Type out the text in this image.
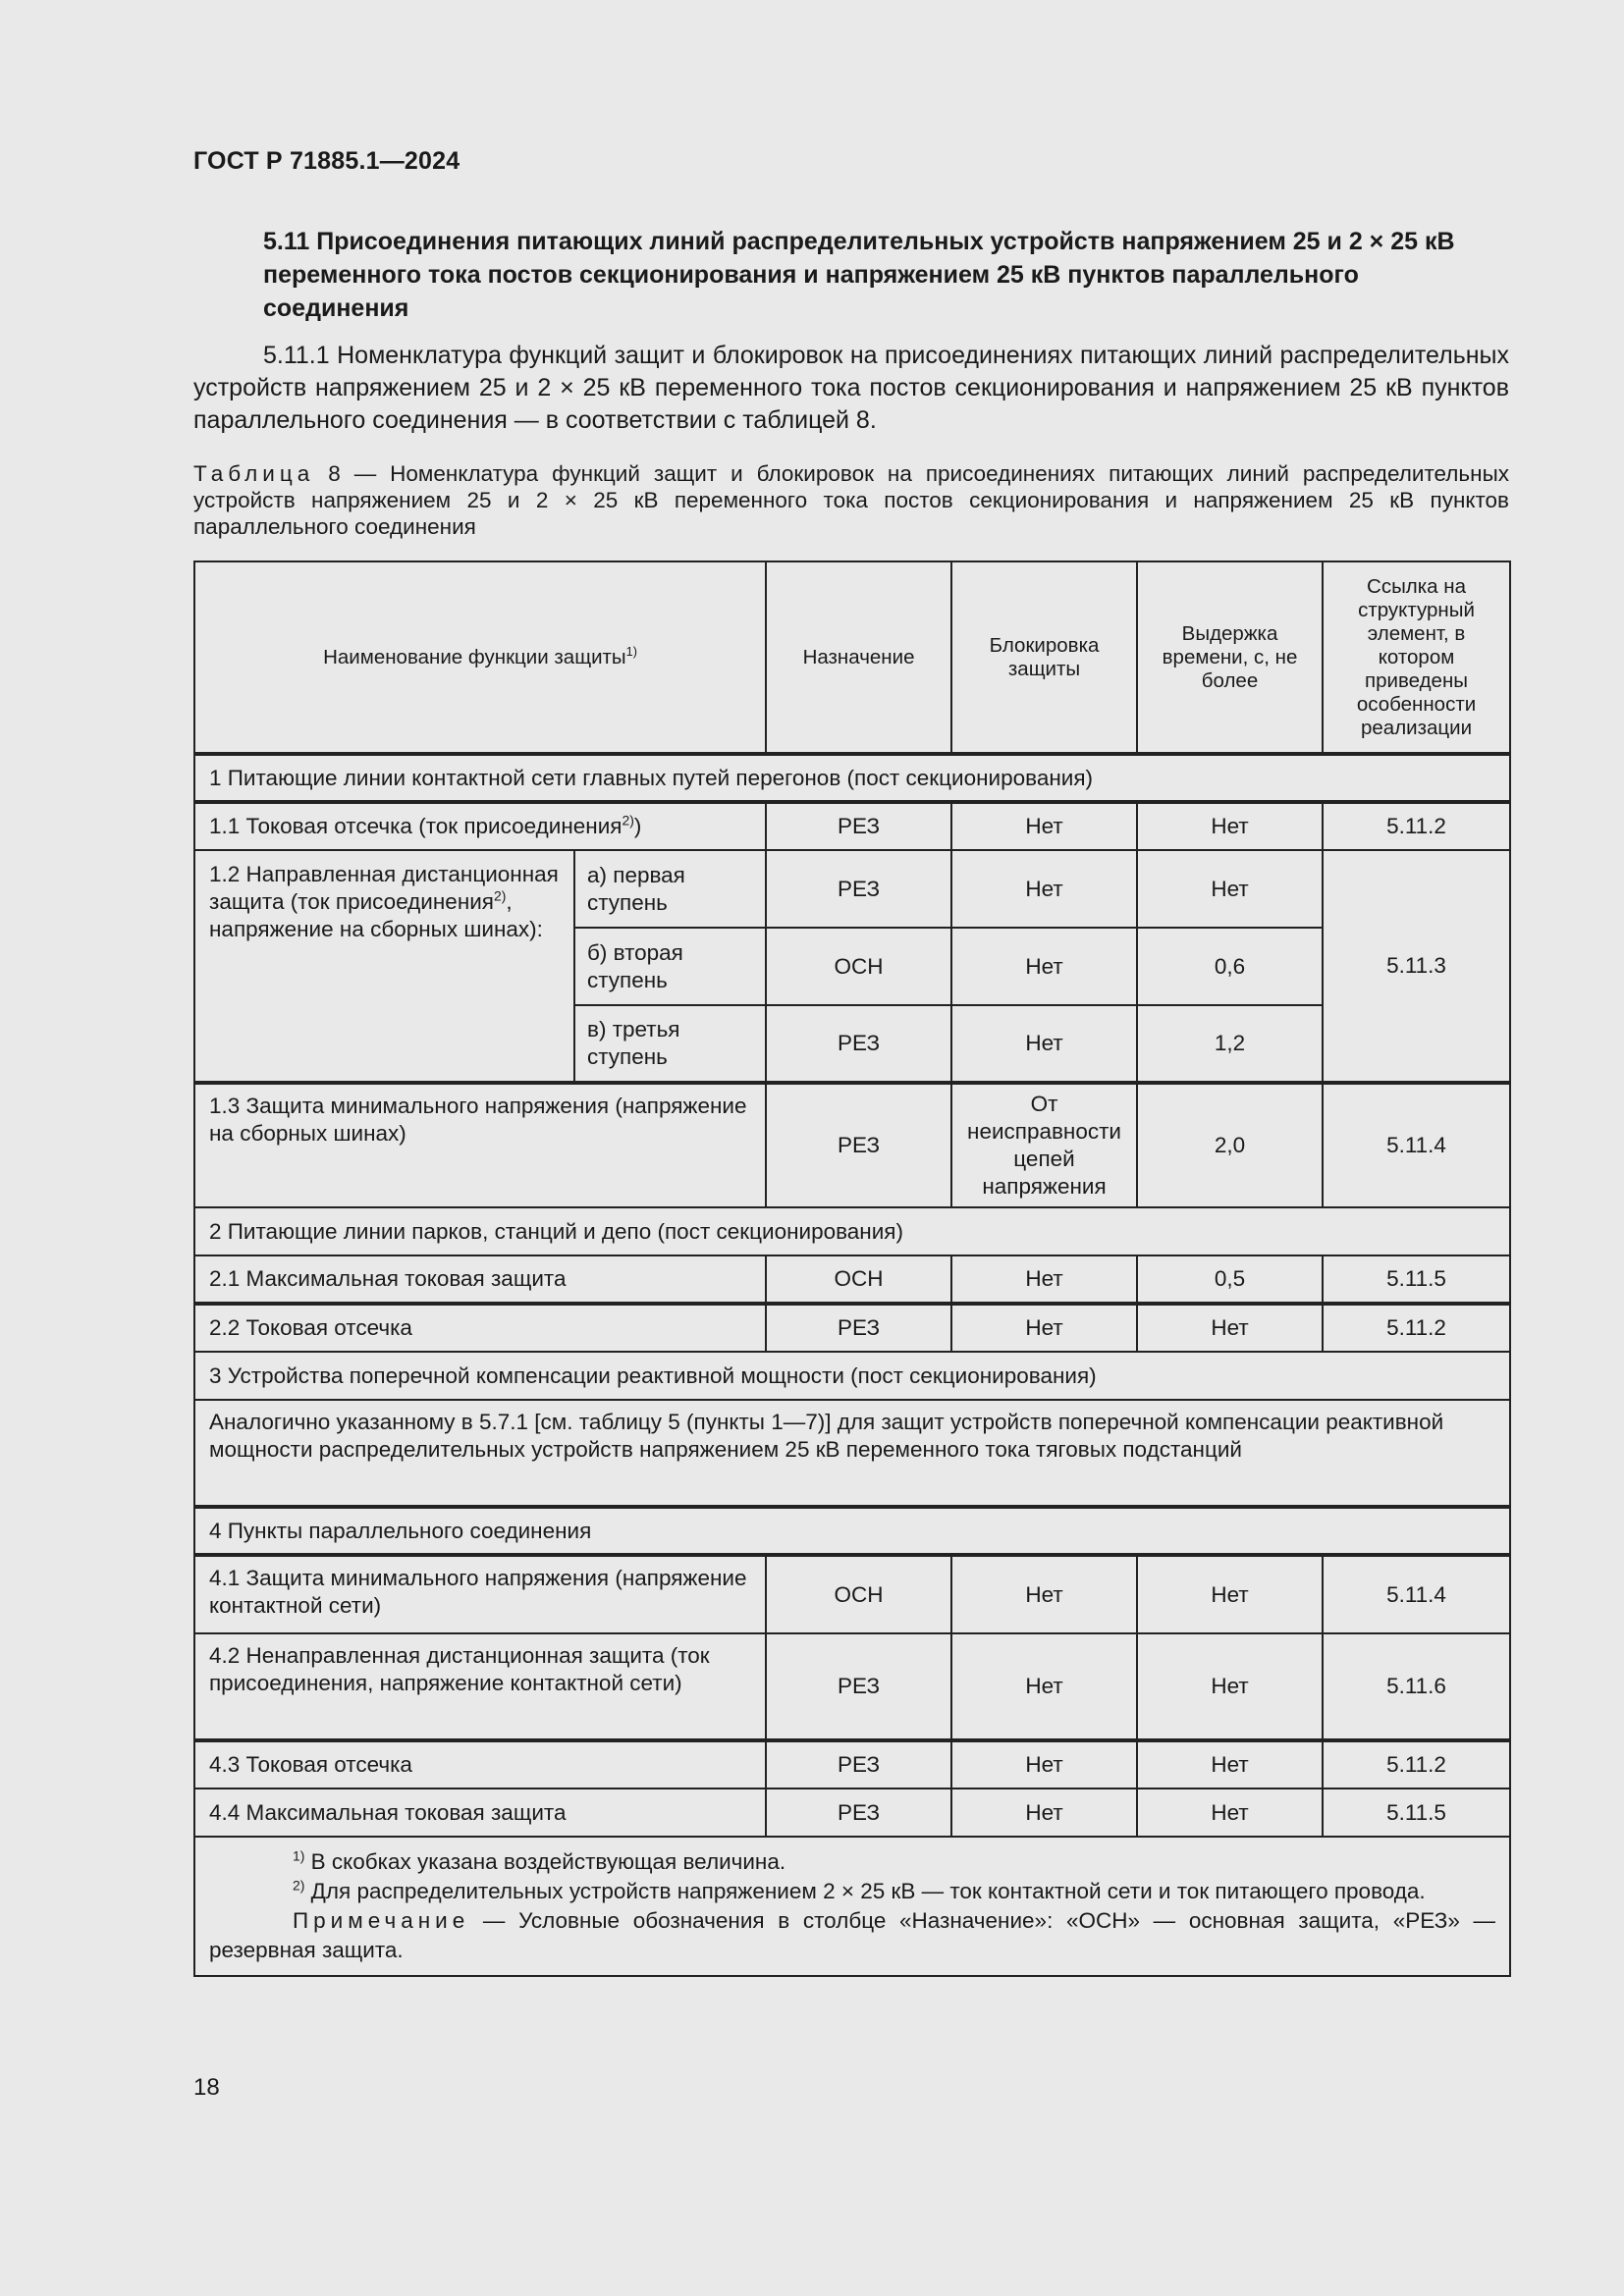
ГОСТ Р 71885.1—2024
5.11 Присоединения питающих линий распределительных устройств напряжением 25 и 2 × 25 кВ переменного тока постов секционирования и напряжением 25 кВ пунктов параллельного соединения
5.11.1 Номенклатура функций защит и блокировок на присоединениях питающих линий распределительных устройств напряжением 25 и 2 × 25 кВ переменного тока постов секционирования и напряжением 25 кВ пунктов параллельного соединения — в соответствии с таблицей 8.
Таблица 8 — Номенклатура функций защит и блокировок на присоединениях питающих линий распределительных устройств напряжением 25 и 2 × 25 кВ переменного тока постов секционирования и напряжением 25 кВ пунктов параллельного соединения
Наименование функции защиты$^{1)}$		Назначение	Блокировка защиты	Выдержка времени, с, не более	Ссылка на структурный элемент, в котором приведены особенности реализации
1 Питающие линии контактной сети главных путей перегонов (пост секционирования)					
1.1 Токовая отсечка (ток присоединения$^{2)}$)		РЕЗ	Нет	Нет	5.11.2
1.2 Направленная дистанционная защита (ток присоединения$^{2)}$, напряжение на сборных шинах):	а) первая ступень	РЕЗ	Нет	Нет	5.11.3
	б) вторая ступень	ОСН	Нет	0,6	
	в) третья ступень	РЕЗ	Нет	1,2	
1.3 Защита минимального напряжения (напряжение на сборных шинах)		РЕЗ	От неисправности цепей напряжения	2,0	5.11.4
2 Питающие линии парков, станций и депо (пост секционирования)					
2.1 Максимальная токовая защита		ОСН	Нет	0,5	5.11.5
2.2 Токовая отсечка		РЕЗ	Нет	Нет	5.11.2
3 Устройства поперечной компенсации реактивной мощности (пост секционирования)					
Аналогично указанному в 5.7.1 [см. таблицу 5 (пункты 1—7)] для защит устройств поперечной компенсации реактивной мощности распределительных устройств напряжением 25 кВ переменного тока тяговых подстанций					
4 Пункты параллельного соединения					
4.1 Защита минимального напряжения (напряжение контактной сети)		ОСН	Нет	Нет	5.11.4
4.2 Ненаправленная дистанционная защита (ток присоединения, напряжение контактной сети)		РЕЗ	Нет	Нет	5.11.6
4.3 Токовая отсечка		РЕЗ	Нет	Нет	5.11.2
4.4 Максимальная токовая защита		РЕЗ	Нет	Нет	5.11.5

$^{1)}$ В скобках указана воздействующая величина.
$^{2)}$ Для распределительных устройств напряжением 2 × 25 кВ — ток контактной сети и ток питающего провода.
Примечание — Условные обозначения в столбце «Назначение»: «ОСН» — основная защита, «РЕЗ» — резервная защита.					
18
